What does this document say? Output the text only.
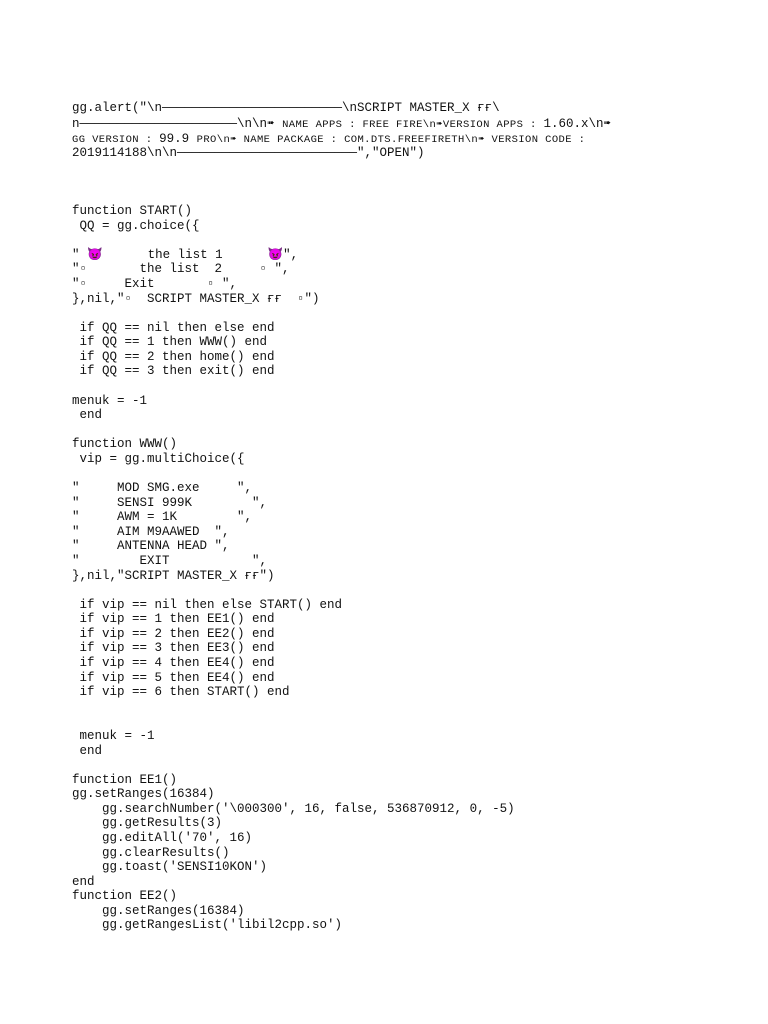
gg.alert("\n————————————————————————\nSCRIPT MASTER_X ғғ\
n—————————————————————\n\n➠ NAME APPS : FREE FIRE\n➠VERSION APPS : 1.60.x\n➠
GG VERSION : 99.9 PRO\n➠ NAME PACKAGE : COM.DTS.FREEFIRETH\n➠ VERSION CODE :
2019114188\n\n————————————————————————","OPEN")
function START()
QQ = gg.choice({
" 😈      the list 1      😈",
"▫       the list  2     ▫ ",
"▫     Exit       ▫ ",
},nil,"▫  SCRIPT MASTER_X ғғ  ▫")
if QQ == nil then else end
if QQ == 1 then WWW() end
if QQ == 2 then home() end
if QQ == 3 then exit() end
menuk = -1
end
function WWW()
vip = gg.multiChoice({
"     MOD SMG.exe     ",
"     SENSI 999K        ",
"     AWM = 1K        ",
"     AIM M9AAWED  ",
"     ANTENNA HEAD ",
"        EXIT           ",
},nil,"SCRIPT MASTER_X ғғ")
if vip == nil then else START() end
if vip == 1 then EE1() end
if vip == 2 then EE2() end
if vip == 3 then EE3() end
if vip == 4 then EE4() end
if vip == 5 then EE4() end
if vip == 6 then START() end
menuk = -1
end
function EE1()
gg.setRanges(16384)
gg.searchNumber('\000300', 16, false, 536870912, 0, -5)
gg.getResults(3)
gg.editAll('70', 16)
gg.clearResults()
gg.toast('SENSI10KON')
end
function EE2()
gg.setRanges(16384)
gg.getRangesList('libil2cpp.so')
